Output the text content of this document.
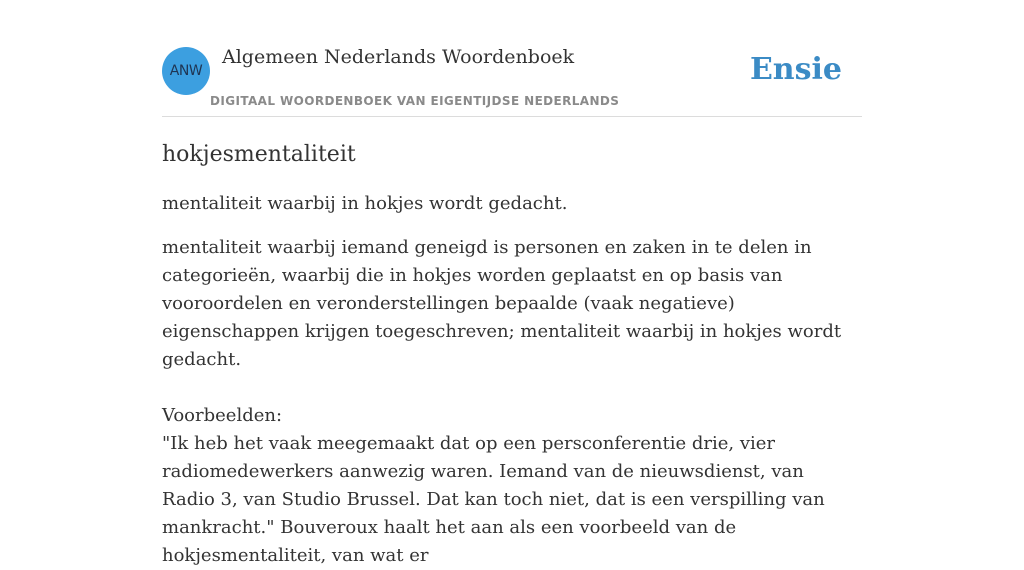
ANW
Algemeen Nederlands Woordenboek
DIGITAAL WOORDENBOEK VAN EIGENTIJDSE NEDERLANDS
Ensie
hokjesmentaliteit

mentaliteit waarbij in hokjes wordt gedacht.

mentaliteit waarbij iemand geneigd is personen en zaken in te delen in categorieën, waarbij die in hokjes worden geplaatst en op basis van vooroordelen en veronderstellingen bepaalde (vaak negatieve) eigenschappen krijgen toegeschreven; mentaliteit waarbij in hokjes wordt gedacht.

Voorbeelden:
"Ik heb het vaak meegemaakt dat op een persconferentie drie, vier radiomedewerkers aanwezig waren. Iemand van de nieuwsdienst, van Radio 3, van Studio Brussel. Dat kan toch niet, dat is een verspilling van mankracht." Bouveroux haalt het aan als een voorbeeld van de hokjesmentaliteit, van wat er
